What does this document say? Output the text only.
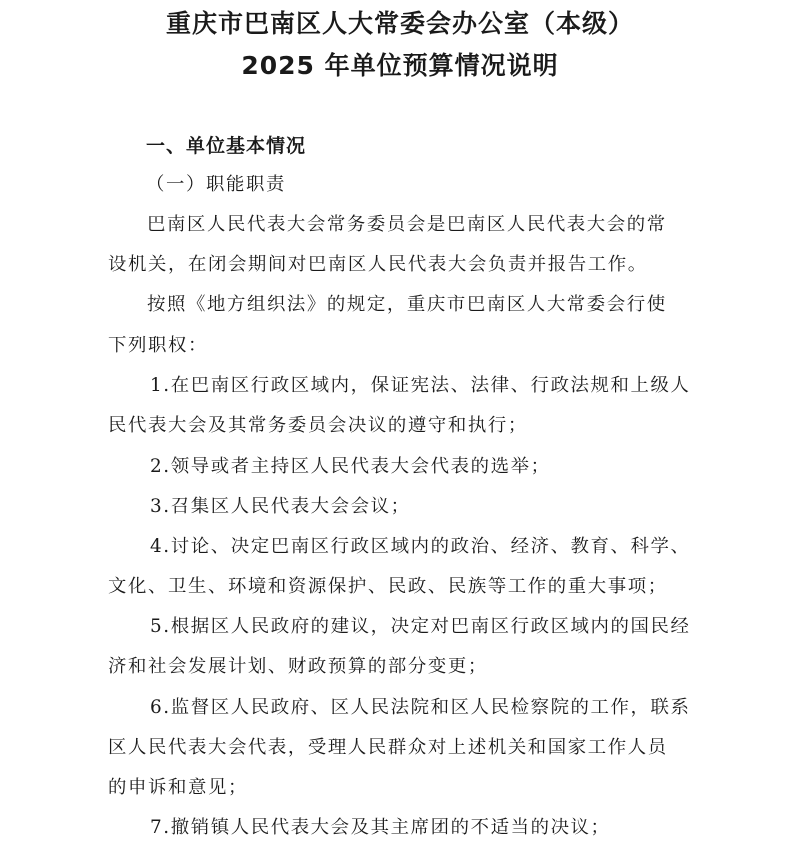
重庆市巴南区人大常委会办公室（本级）
2025 年单位预算情况说明
一、单位基本情况
（一）职能职责
巴南区人民代表大会常务委员会是巴南区人民代表大会的常
设机关，在闭会期间对巴南区人民代表大会负责并报告工作。
按照《地方组织法》的规定，重庆市巴南区人大常委会行使
下列职权：
1.在巴南区行政区域内，保证宪法、法律、行政法规和上级人
民代表大会及其常务委员会决议的遵守和执行；
2.领导或者主持区人民代表大会代表的选举；
3.召集区人民代表大会会议；
4.讨论、决定巴南区行政区域内的政治、经济、教育、科学、
文化、卫生、环境和资源保护、民政、民族等工作的重大事项；
5.根据区人民政府的建议，决定对巴南区行政区域内的国民经
济和社会发展计划、财政预算的部分变更；
6.监督区人民政府、区人民法院和区人民检察院的工作，联系
区人民代表大会代表，受理人民群众对上述机关和国家工作人员
的申诉和意见；
7.撤销镇人民代表大会及其主席团的不适当的决议；
